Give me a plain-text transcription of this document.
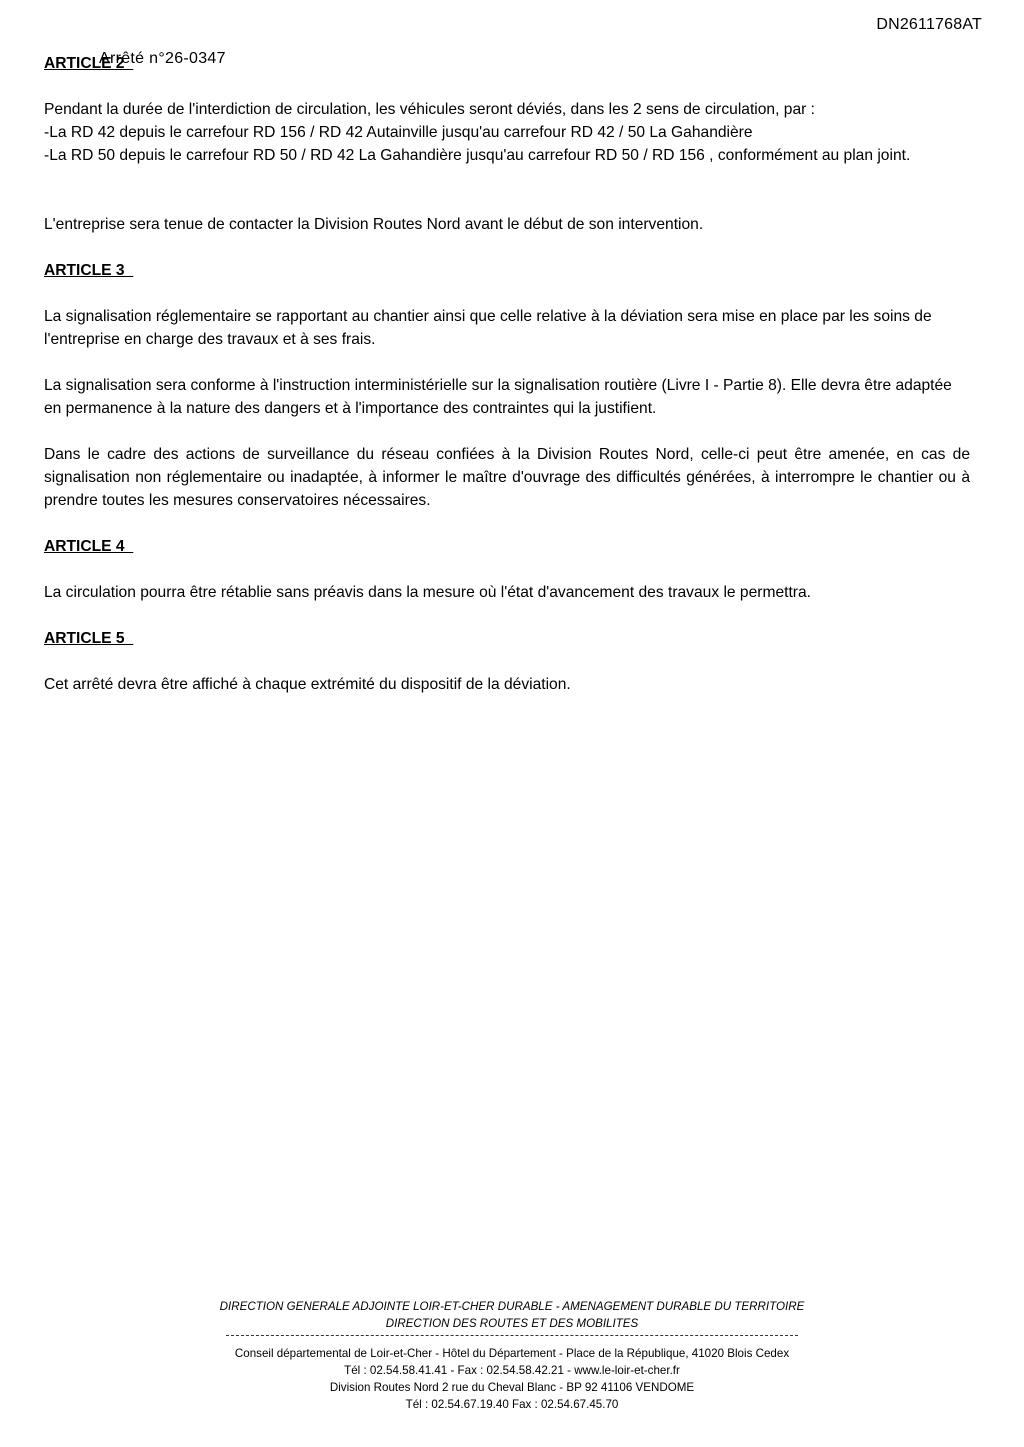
DN2611768AT

ARTICLE 2

Pendant la durée de l'interdiction de circulation, les véhicules seront déviés, dans les 2 sens de circulation, par :

-La RD 42 depuis le carrefour RD 156 / RD 42 Autainville jusqu'au carrefour RD 42 / 50 La Gahandière

-La RD 50 depuis le carrefour RD 50 / RD 42 La Gahandière jusqu'au carrefour RD 50 / RD 156 , conformément au plan joint.

L'entreprise sera tenue de contacter la Division Routes Nord avant le début de son intervention.

ARTICLE 3

La signalisation réglementaire se rapportant au chantier ainsi que celle relative à la déviation sera mise en place par les soins de l'entreprise en charge des travaux et à ses frais.

La signalisation sera conforme à l'instruction interministérielle sur la signalisation routière (Livre I - Partie 8). Elle devra être adaptée en permanence à la nature des dangers et à l'importance des contraintes qui la justifient.

Dans le cadre des actions de surveillance du réseau confiées à la Division Routes Nord, celle-ci peut être amenée, en cas de signalisation non réglementaire ou inadaptée, à informer le maître d'ouvrage des difficultés générées, à interrompre le chantier ou à prendre toutes les mesures conservatoires nécessaires.

ARTICLE 4

La circulation pourra être rétablie sans préavis dans la mesure où l'état d'avancement des travaux le permettra.

ARTICLE 5

Cet arrêté devra être affiché à chaque extrémité du dispositif de la déviation.

Arrêté n°26-0347
DIRECTION GENERALE ADJOINTE LOIR-ET-CHER DURABLE - AMENAGEMENT DURABLE DU TERRITOIRE
DIRECTION DES ROUTES ET DES MOBILITES
Conseil départemental de Loir-et-Cher - Hôtel du Département - Place de la République, 41020 Blois Cedex
Tél : 02.54.58.41.41 - Fax : 02.54.58.42.21 - www.le-loir-et-cher.fr
Division Routes Nord 2 rue du Cheval Blanc - BP 92 41106 VENDOME
Tél : 02.54.67.19.40 Fax : 02.54.67.45.70
